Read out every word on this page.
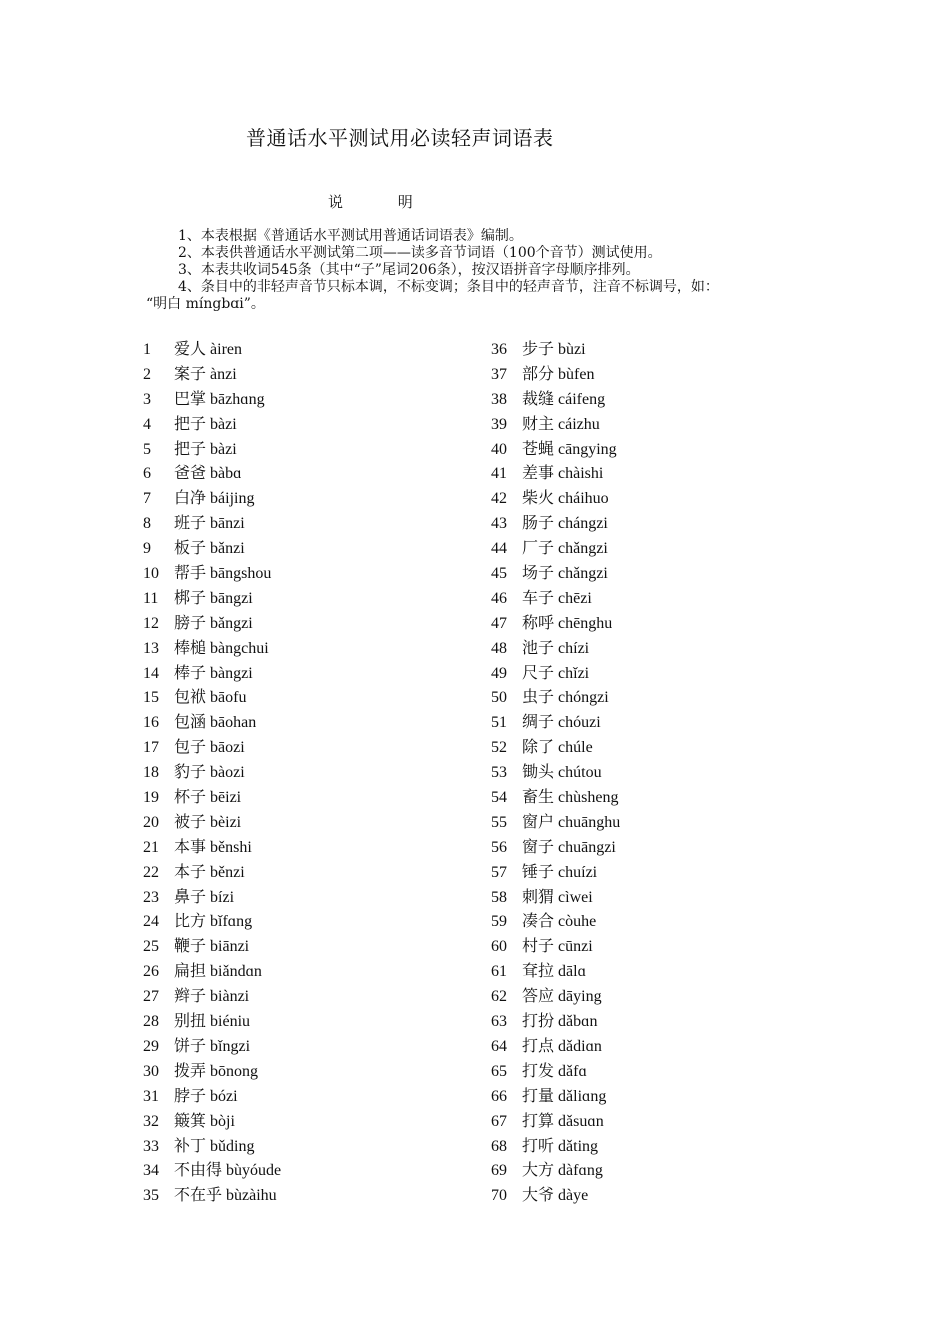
普通话水平测试用必读轻声词语表
说 明
1、本表根据《普通话水平测试用普通话词语表》编制。
2、本表供普通话水平测试第二项——读多音节词语（100个音节）测试使用。
3、本表共收词545条（其中“子”尾词206条），按汉语拼音字母顺序排列。
4、条目中的非轻声音节只标本调，不标变调；条目中的轻声音节，注音不标调号，如：
“明白 míngbɑi”。
1	爱人 àiren
2	案子 ànzi
3	巴掌 bāzhɑng
4	把子 bàzi
5	把子 bàzi
6	爸爸 bàbɑ
7	白净 báijing
8	班子 bānzi
9	板子 bǎnzi
10 帮手 bāngshou
11 梆子 bāngzi
12 膀子 bǎngzi
13 棒槌 bàngchui
14 棒子 bàngzi
15 包袱 bāofu
16 包涵 bāohan
17 包子 bāozi
18 豹子 bàozi
19 杯子 bēizi
20 被子 bèizi
21 本事 běnshi
22 本子 běnzi
23 鼻子 bízi
24 比方 bǐfɑng
25 鞭子 biānzi
26 扁担 biǎndɑn
27 辫子 biànzi
28 别扭 biéniu
29 饼子 bǐngzi
30 拨弄 bōnong
31 脖子 bózi
32 簸箕 bòji
33 补丁 bǔding
34 不由得 bùyóude
35 不在乎 bùzàihu
36 步子 bùzi
37 部分 bùfen
38 裁缝 cáifeng
39 财主 cáizhu
40 苍蝇 cāngying
41 差事 chàishi
42 柴火 cháihuo
43 肠子 chángzi
44 厂子 chǎngzi
45 场子 chǎngzi
46 车子 chēzi
47 称呼 chēnghu
48 池子 chízi
49 尺子 chǐzi
50 虫子 chóngzi
51 绸子 chóuzi
52 除了 chúle
53 锄头 chútou
54 畜生 chùsheng
55 窗户 chuānghu
56 窗子 chuāngzi
57 锤子 chuízi
58 刺猬 cìwei
59 凑合 còuhe
60 村子 cūnzi
61 耷拉 dālɑ
62 答应 dāying
63 打扮 dǎbɑn
64 打点 dǎdiɑn
65 打发 dǎfɑ
66 打量 dǎliɑng
67 打算 dǎsuɑn
68 打听 dǎting
69 大方 dàfɑng
70 大爷 dàye
